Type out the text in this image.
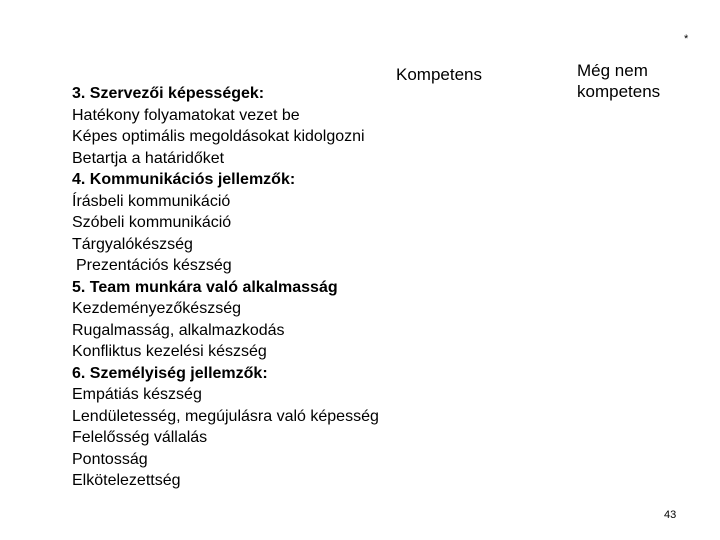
*
Kompetens	Még nem
kompetens
3. Szervezői képességek:
Hatékony folyamatokat vezet be
Képes optimális megoldásokat kidolgozni
Betartja a határidőket
4. Kommunikációs jellemzők:
Írásbeli kommunikáció
Szóbeli kommunikáció
Tárgyalókészség
Prezentációs készség
5. Team munkára való alkalmasság
Kezdeményezőkészség
Rugalmasság, alkalmazkodás
Konfliktus kezelési készség
6. Személyiség jellemzők:
Empátiás készség
Lendületesség, megújulásra való képesség
Felelősség vállalás
Pontosság
Elkötelezettség
43
